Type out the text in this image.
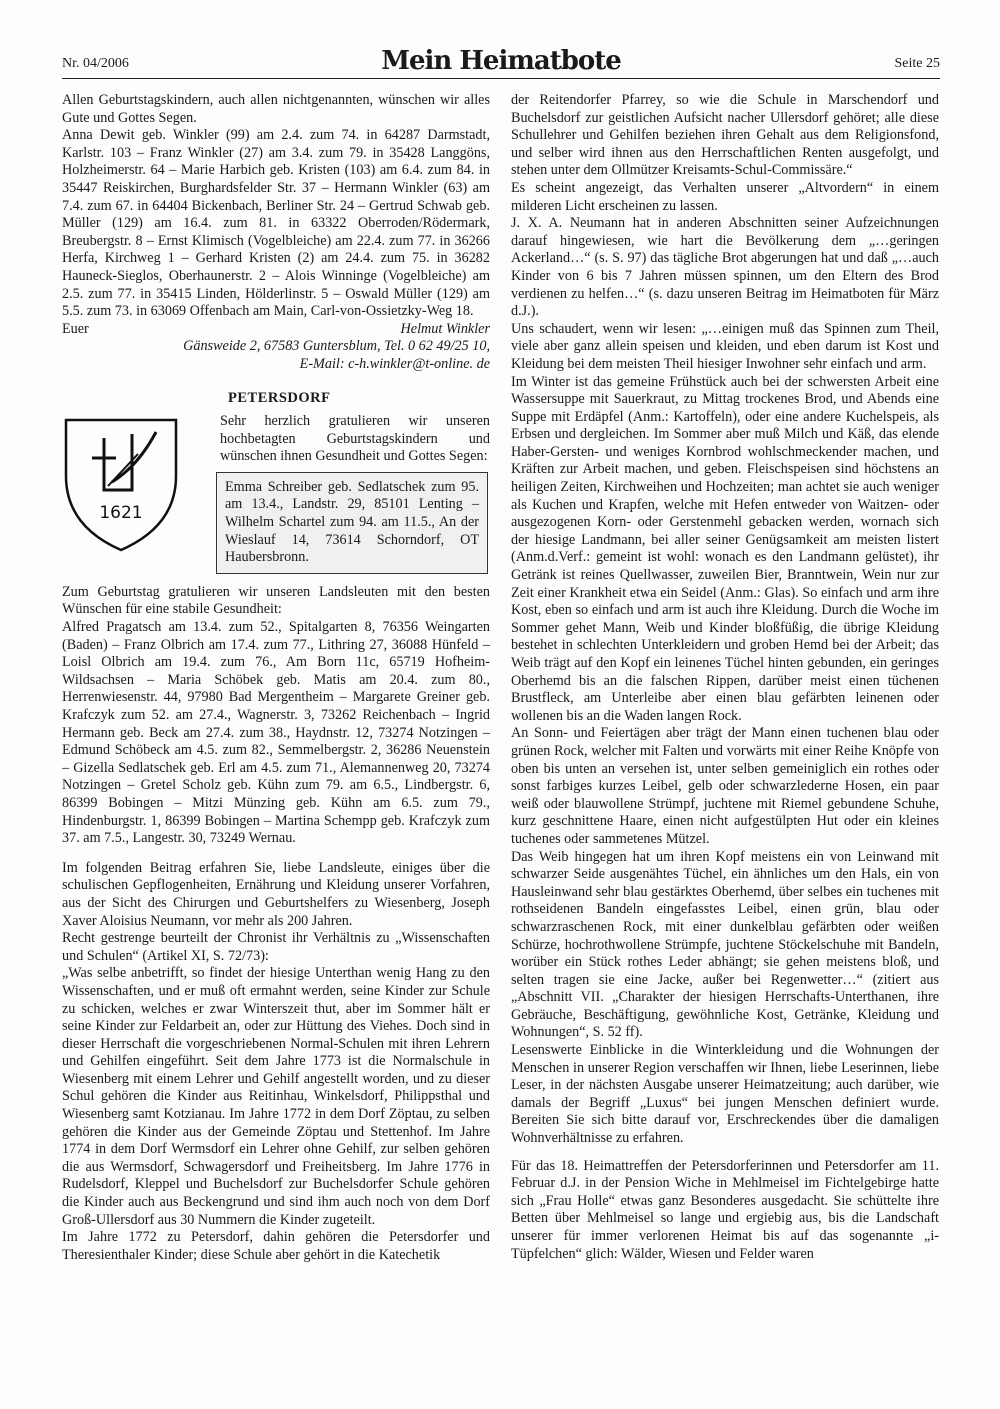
Nr. 04/2006	Mein Heimatbote	Seite 25

Allen Geburtstagskindern, auch allen nichtgenannten, wünschen wir alles Gute und Gottes Segen.

Anna Dewit geb. Winkler (99) am 2.4. zum 74. in 64287 Darmstadt, Karlstr. 103 – Franz Winkler (27) am 3.4. zum 79. in 35428 Langgöns, Holzheimerstr. 64 – Marie Harbich geb. Kristen (103) am 6.4. zum 84. in 35447 Reiskirchen, Burghardsfelder Str. 37 – Hermann Winkler (63) am 7.4. zum 67. in 64404 Bickenbach, Berliner Str. 24 – Gertrud Schwab geb. Müller (129) am 16.4. zum 81. in 63322 Oberroden/Rödermark, Breubergstr. 8 – Ernst Klimisch (Vogelbleiche) am 22.4. zum 77. in 36266 Herfa, Kirchweg 1 – Gerhard Kristen (2) am 24.4. zum 75. in 36282 Hauneck-Sieglos, Oberhaunerstr. 2 – Alois Winninge (Vogelbleiche) am 2.5. zum 77. in 35415 Linden, Hölderlinstr. 5 – Oswald Müller (129) am 5.5. zum 73. in 63069 Offenbach am Main, Carl-von-Ossietzky-Weg 18.

Euer	Helmut Winkler

Gänsweide 2, 67583 Guntersblum, Tel. 0 62 49/25 10,

E-Mail: c-h.winkler@t-online. de

1621
PETERSDORF

Sehr herzlich gratulieren wir unseren hochbetagten Geburtstagskindern und wünschen ihnen Gesundheit und Gottes Segen:

Emma Schreiber geb. Sedlatschek zum 95. am 13.4., Landstr. 29, 85101 Lenting – Wilhelm Schartel zum 94. am 11.5., An der Wieslauf 14, 73614 Schorndorf, OT Haubersbronn.

Zum Geburtstag gratulieren wir unseren Landsleuten mit den besten Wünschen für eine stabile Gesundheit:

Alfred Pragatsch am 13.4. zum 52., Spitalgarten 8, 76356 Weingarten (Baden) – Franz Olbrich am 17.4. zum 77., Lithring 27, 36088 Hünfeld – Loisl Olbrich am 19.4. zum 76., Am Born 11c, 65719 Hofheim-Wildsachsen – Maria Schöbek geb. Matis am 20.4. zum 80., Herrenwiesenstr. 44, 97980 Bad Mergentheim – Margarete Greiner geb. Krafczyk zum 52. am 27.4., Wagnerstr. 3, 73262 Reichenbach – Ingrid Hermann geb. Beck am 27.4. zum 38., Haydnstr. 12, 73274 Notzingen – Edmund Schöbeck am 4.5. zum 82., Semmelbergstr. 2, 36286 Neuenstein – Gizella Sedlatschek geb. Erl am 4.5. zum 71., Alemannenweg 20, 73274 Notzingen – Gretel Scholz geb. Kühn zum 79. am 6.5., Lindbergstr. 6, 86399 Bobingen – Mitzi Münzing geb. Kühn am 6.5. zum 79., Hindenburgstr. 1, 86399 Bobingen – Martina Schempp geb. Krafczyk zum 37. am 7.5., Langestr. 30, 73249 Wernau.

Im folgenden Beitrag erfahren Sie, liebe Landsleute, einiges über die schulischen Gepflogenheiten, Ernährung und Kleidung unserer Vorfahren, aus der Sicht des Chirurgen und Geburtshelfers zu Wiesenberg, Joseph Xaver Aloisius Neumann, vor mehr als 200 Jahren.

Recht gestrenge beurteilt der Chronist ihr Verhältnis zu „Wissenschaften und Schulen“ (Artikel XI, S. 72/73):

„Was selbe anbetrifft, so findet der hiesige Unterthan wenig Hang zu den Wissenschaften, und er muß oft ermahnt werden, seine Kinder zur Schule zu schicken, welches er zwar Winterszeit thut, aber im Sommer hält er seine Kinder zur Feldarbeit an, oder zur Hüttung des Viehes. Doch sind in dieser Herrschaft die vorgeschriebenen Normal-Schulen mit ihren Lehrern und Gehilfen eingeführt. Seit dem Jahre 1773 ist die Normalschule in Wiesenberg mit einem Lehrer und Gehilf angestellt worden, und zu dieser Schul gehören die Kinder aus Reitinhau, Winkelsdorf, Philippsthal und Wiesenberg samt Kotzianau. Im Jahre 1772 in dem Dorf Zöptau, zu selben gehören die Kinder aus der Gemeinde Zöptau und Stettenhof. Im Jahre 1774 in dem Dorf Wermsdorf ein Lehrer ohne Gehilf, zur selben gehören die aus Wermsdorf, Schwagersdorf und Freiheitsberg. Im Jahre 1776 in Rudelsdorf, Kleppel und Buchelsdorf zur Buchelsdorfer Schule gehören die Kinder auch aus Beckengrund und sind ihm auch noch von dem Dorf Groß-Ullersdorf aus 30 Nummern die Kinder zugeteilt.

Im Jahre 1772 zu Petersdorf, dahin gehören die Petersdorfer und Theresienthaler Kinder; diese Schule aber gehört in die Katechetik

der Reitendorfer Pfarrey, so wie die Schule in Marschendorf und Buchelsdorf zur geistlichen Aufsicht nacher Ullersdorf gehöret; alle diese Schullehrer und Gehilfen beziehen ihren Gehalt aus dem Religionsfond, und selber wird ihnen aus den Herrschaftlichen Renten ausgefolgt, und stehen unter dem Ollmützer Kreisamts-Schul-Commissäre.“

Es scheint angezeigt, das Verhalten unserer „Altvordern“ in einem milderen Licht erscheinen zu lassen.

J. X. A. Neumann hat in anderen Abschnitten seiner Aufzeichnungen darauf hingewiesen, wie hart die Bevölkerung dem „…geringen Ackerland…“ (s. S. 97) das tägliche Brot abgerungen hat und daß „…auch Kinder von 6 bis 7 Jahren müssen spinnen, um den Eltern des Brod verdienen zu helfen…“ (s. dazu unseren Beitrag im Heimatboten für März d.J.).

Uns schaudert, wenn wir lesen: „…einigen muß das Spinnen zum Theil, viele aber ganz allein speisen und kleiden, und eben darum ist Kost und Kleidung bei dem meisten Theil hiesiger Inwohner sehr einfach und arm.

Im Winter ist das gemeine Frühstück auch bei der schwersten Arbeit eine Wassersuppe mit Sauerkraut, zu Mittag trockenes Brod, und Abends eine Suppe mit Erdäpfel (Anm.: Kartoffeln), oder eine andere Kuchelspeis, als Erbsen und dergleichen. Im Sommer aber muß Milch und Käß, das elende Haber-Gersten- und weniges Kornbrod wohlschmeckender machen, und Kräften zur Arbeit machen, und geben. Fleischspeisen sind höchstens an heiligen Zeiten, Kirchweihen und Hochzeiten; man achtet sie auch weniger als Kuchen und Krapfen, welche mit Hefen entweder von Waitzen- oder ausgezogenen Korn- oder Gerstenmehl gebacken werden, wornach sich der hiesige Landmann, bei aller seiner Genügsamkeit am meisten listert (Anm.d.Verf.: gemeint ist wohl: wonach es den Landmann gelüstet), ihr Getränk ist reines Quellwasser, zuweilen Bier, Branntwein, Wein nur zur Zeit einer Krankheit etwa ein Seidel (Anm.: Glas). So einfach und arm ihre Kost, eben so einfach und arm ist auch ihre Kleidung. Durch die Woche im Sommer gehet Mann, Weib und Kinder bloßfüßig, die übrige Kleidung bestehet in schlechten Unterkleidern und groben Hemd bei der Arbeit; das Weib trägt auf den Kopf ein leinenes Tüchel hinten gebunden, ein geringes Oberhemd bis an die falschen Rippen, darüber meist einen tüchenen Brustfleck, am Unterleibe aber einen blau gefärbten leinenen oder wollenen bis an die Waden langen Rock.

An Sonn- und Feiertägen aber trägt der Mann einen tuchenen blau oder grünen Rock, welcher mit Falten und vorwärts mit einer Reihe Knöpfe von oben bis unten an versehen ist, unter selben gemeiniglich ein rothes oder sonst farbiges kurzes Leibel, gelb oder schwarzlederne Hosen, ein paar weiß oder blauwollene Strümpf, juchtene mit Riemel gebundene Schuhe, kurz geschnittene Haare, einen nicht aufgestülpten Hut oder ein kleines tuchenes oder sammetenes Mützel.

Das Weib hingegen hat um ihren Kopf meistens ein von Leinwand mit schwarzer Seide ausgenähtes Tüchel, ein ähnliches um den Hals, ein von Hausleinwand sehr blau gestärktes Oberhemd, über selbes ein tuchenes mit rothseidenen Bandeln eingefasstes Leibel, einen grün, blau oder schwarzraschenen Rock, mit einer dunkelblau gefärbten oder weißen Schürze, hochrothwollene Strümpfe, juchtene Stöckelschuhe mit Bandeln, worüber ein Stück rothes Leder abhängt; sie gehen meistens bloß, und selten tragen sie eine Jacke, außer bei Regenwetter…“ (zitiert aus „Abschnitt VII. „Charakter der hiesigen Herrschafts-Unterthanen, ihre Gebräuche, Beschäftigung, gewöhnliche Kost, Getränke, Kleidung und Wohnungen“, S. 52 ff).

Lesenswerte Einblicke in die Winterkleidung und die Wohnungen der Menschen in unserer Region verschaffen wir Ihnen, liebe Leserinnen, liebe Leser, in der nächsten Ausgabe unserer Heimatzeitung; auch darüber, wie damals der Begriff „Luxus“ bei jungen Menschen definiert wurde. Bereiten Sie sich bitte darauf vor, Erschreckendes über die damaligen Wohnverhältnisse zu erfahren.

Für das 18. Heimattreffen der Petersdorferinnen und Petersdorfer am 11. Februar d.J. in der Pension Wiche in Mehlmeisel im Fichtelgebirge hatte sich „Frau Holle“ etwas ganz Besonderes ausgedacht. Sie schüttelte ihre Betten über Mehlmeisel so lange und ergiebig aus, bis die Landschaft unserer für immer verlorenen Heimat bis auf das sogenannte „i-Tüpfelchen“ glich: Wälder, Wiesen und Felder waren
